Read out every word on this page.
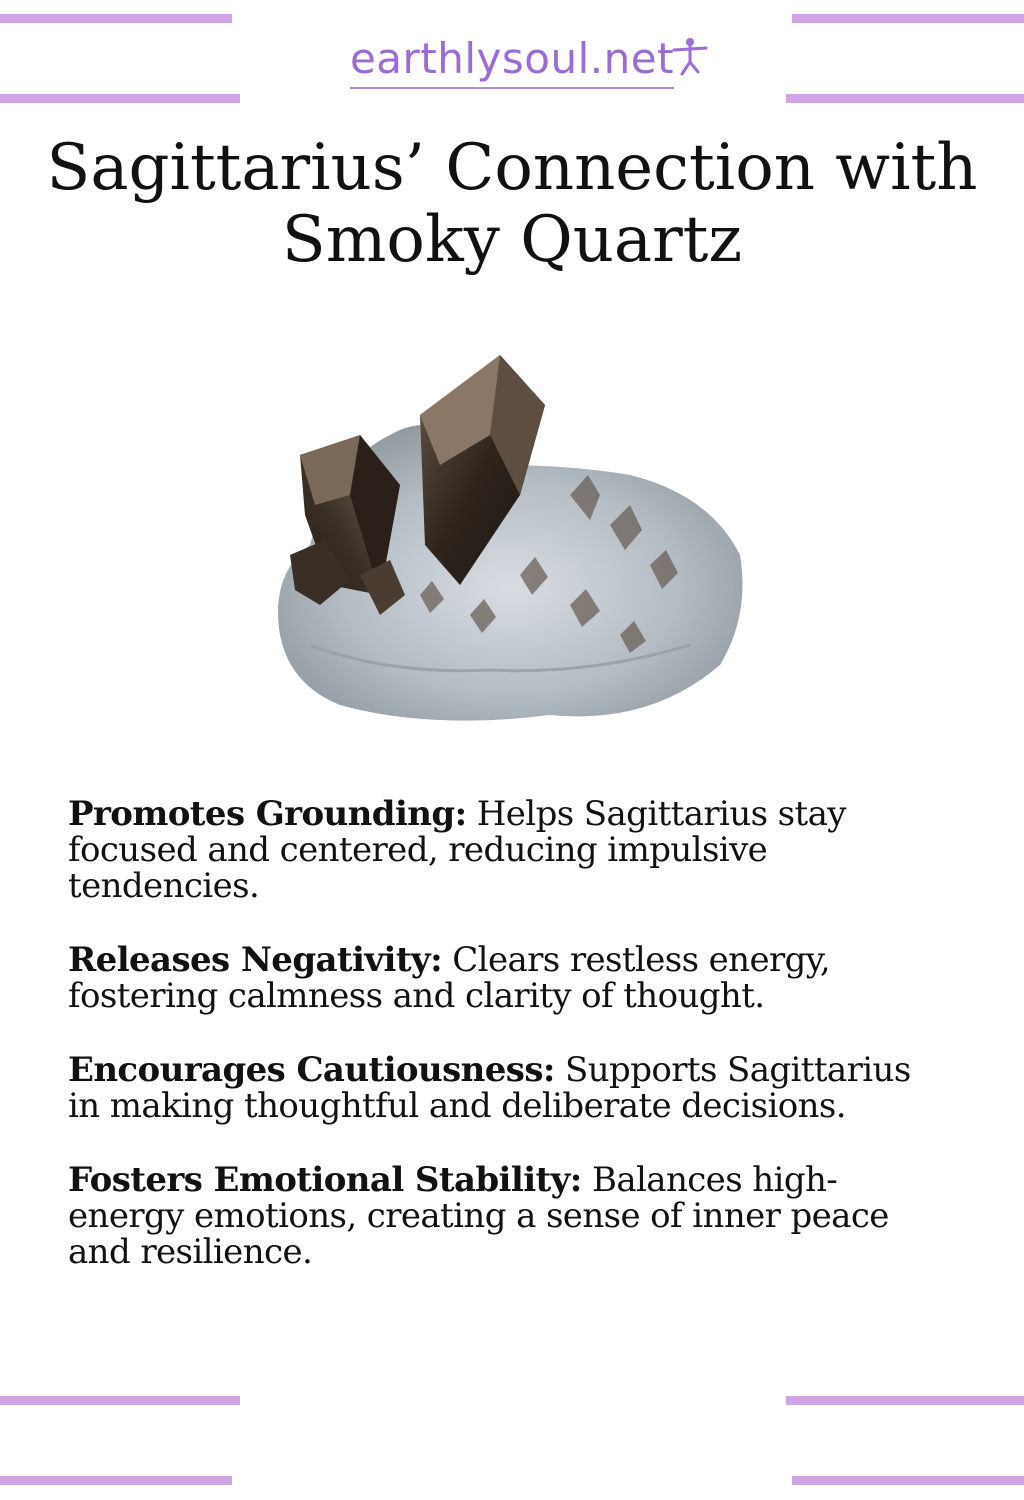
earthlysoul.net
Sagittarius’ Connection with
Smoky Quartz
Promotes Grounding: Helps Sagittarius stay focused and centered, reducing impulsive tendencies.
Releases Negativity: Clears restless energy, fostering calmness and clarity of thought.
Encourages Cautiousness: Supports Sagittarius in making thoughtful and deliberate decisions.
Fosters Emotional Stability: Balances high-energy emotions, creating a sense of inner peace and resilience.
